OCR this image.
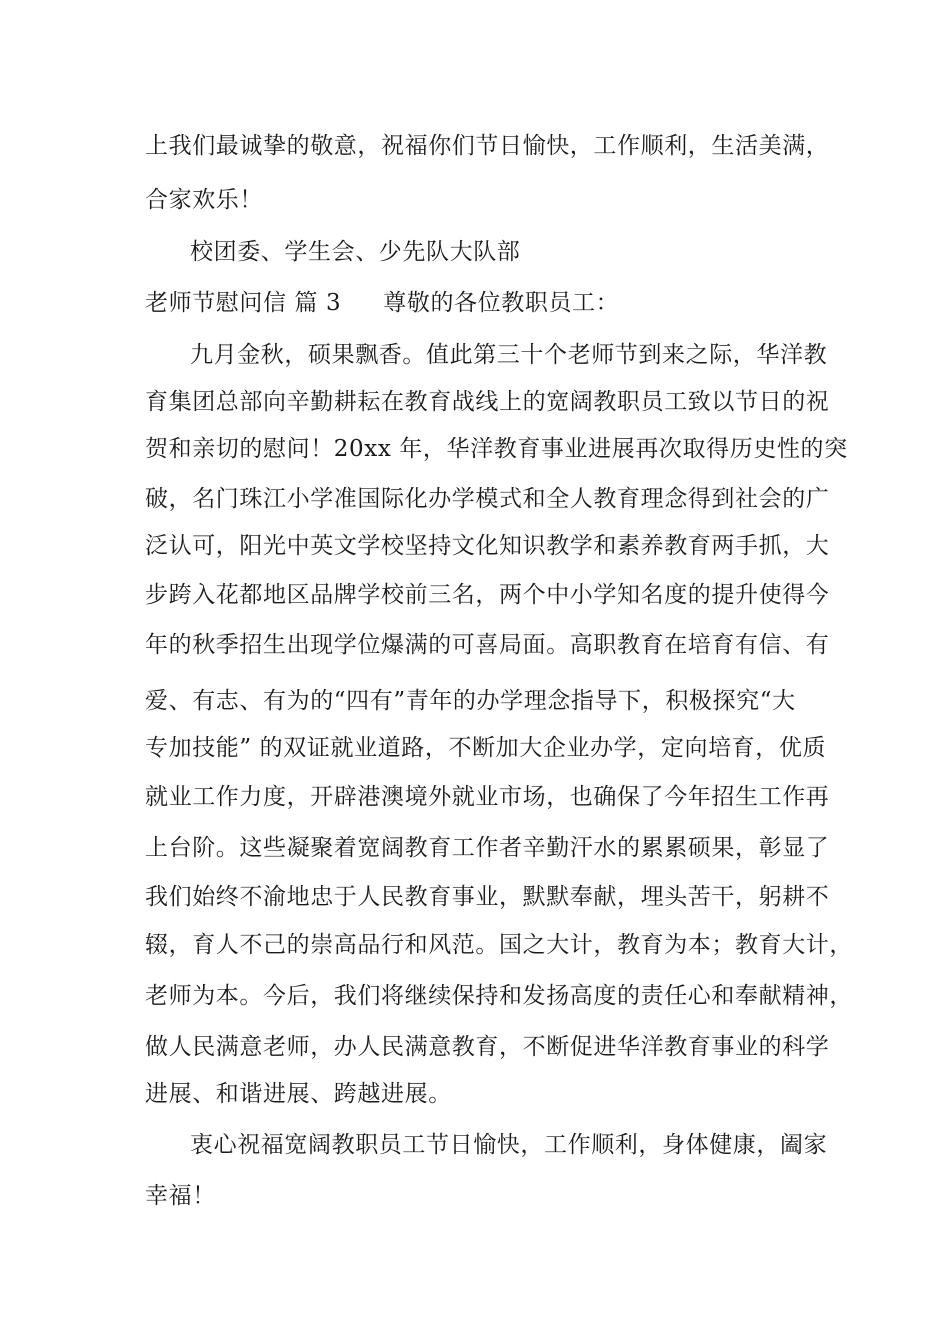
上我们最诚挚的敬意，祝福你们节日愉快，工作顺利，生活美满，
合家欢乐！
校团委、学生会、少先队大队部
老师节慰问信 篇 3 尊敬的各位教职员工：
九月金秋，硕果飘香。值此第三十个老师节到来之际，华洋教
育集团总部向辛勤耕耘在教育战线上的宽阔教职员工致以节日的祝
贺和亲切的慰问！20xx 年，华洋教育事业进展再次取得历史性的突
破，名门珠江小学准国际化办学模式和全人教育理念得到社会的广
泛认可，阳光中英文学校坚持文化知识教学和素养教育两手抓，大
步跨入花都地区品牌学校前三名，两个中小学知名度的提升使得今
年的秋季招生出现学位爆满的可喜局面。高职教育在培育有信、有
爱、有志、有为的“四有”青年的办学理念指导下，积极探究“大
专加技能” 的双证就业道路，不断加大企业办学，定向培育，优质
就业工作力度，开辟港澳境外就业市场，也确保了今年招生工作再
上台阶。这些凝聚着宽阔教育工作者辛勤汗水的累累硕果，彰显了
我们始终不渝地忠于人民教育事业，默默奉献，埋头苦干，躬耕不
辍，育人不己的崇高品行和风范。国之大计，教育为本；教育大计，
老师为本。今后，我们将继续保持和发扬高度的责任心和奉献精神，
做人民满意老师，办人民满意教育，不断促进华洋教育事业的科学
进展、和谐进展、跨越进展。
衷心祝福宽阔教职员工节日愉快，工作顺利，身体健康，阖家
幸福！
